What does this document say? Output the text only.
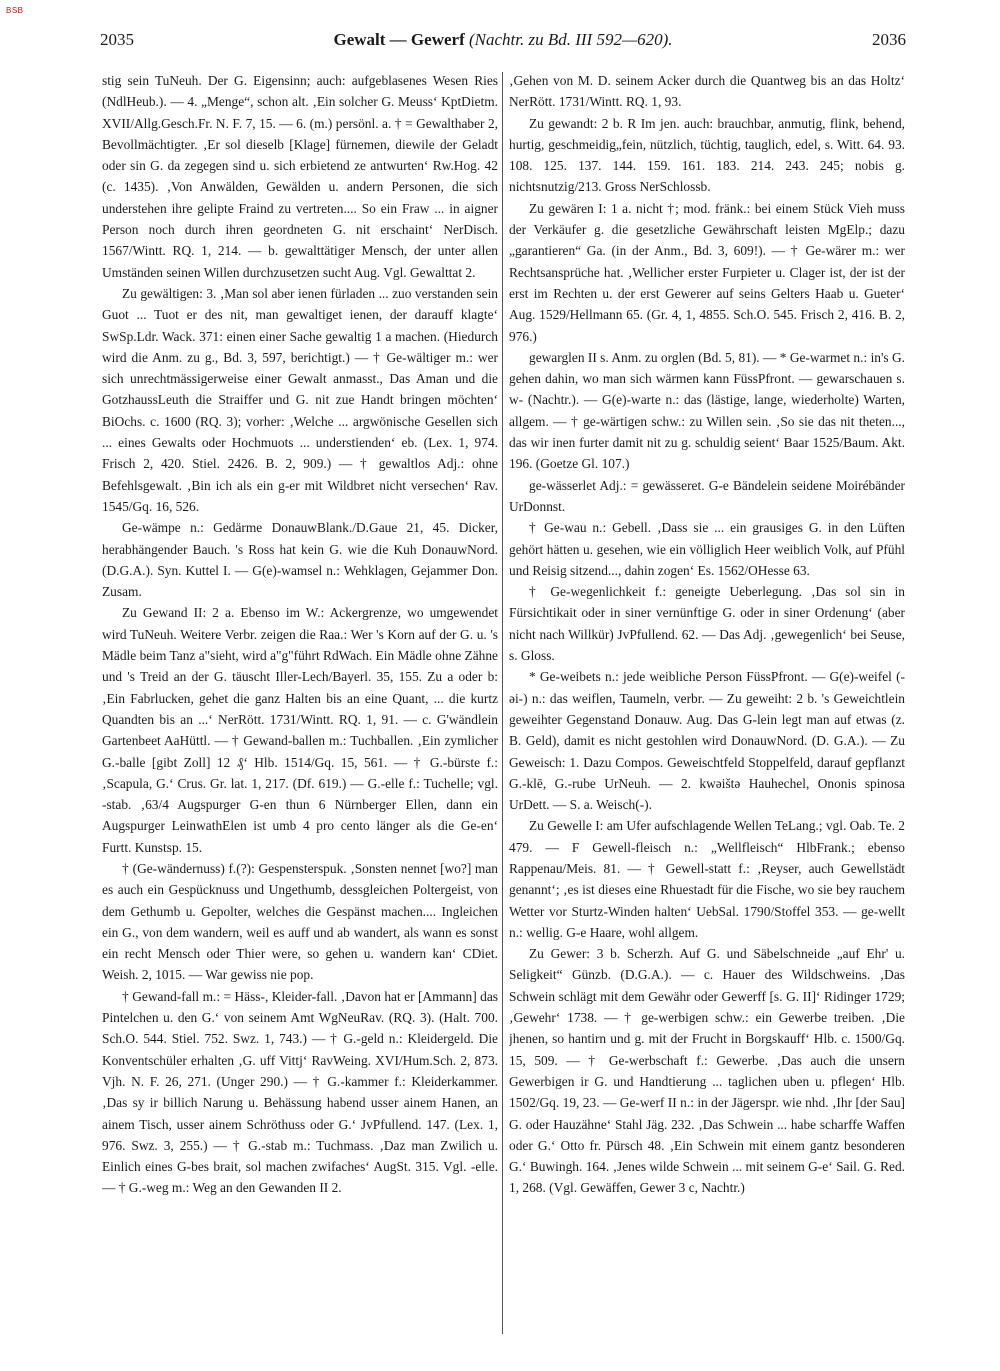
BSB
2035	Gewalt — Gewerf (Nachtr. zu Bd. III 592—620).	2036

stig sein TuNeuh. Der G. Eigensinn; auch: aufgeblasenes Wesen Ries (NdlHeub.). — 4. „Menge“, schon alt. ‚Ein solcher G. Meuss‘ KptDietm. XVII/Allg.Gesch.Fr. N. F. 7, 15. — 6. (m.) persönl. a. † = Gewalthaber 2, Bevollmächtigter. ‚Er sol dieselb [Klage] fürnemen, diewile der Geladt oder sin G. da zegegen sind u. sich erbietend ze antwurten‘ Rw.Hog. 42 (c. 1435). ‚Von Anwälden, Gewälden u. andern Personen, die sich understehen ihre gelipte Fraind zu vertreten.... So ein Fraw ... in aigner Person noch durch ihren geordneten G. nit erschaint‘ NerDisch. 1567/Wintt. RQ. 1, 214. — b. gewalttätiger Mensch, der unter allen Umständen seinen Willen durchzusetzen sucht Aug. Vgl. Gewalttat 2.

Zu gewältigen: 3. ‚Man sol aber ienen fürladen ... zuo verstanden sein Guot ... Tuot er des nit, man gewaltiget ienen, der darauff klagte‘ SwSp.Ldr. Wack. 371: einen einer Sache gewaltig 1 a machen. (Hiedurch wird die Anm. zu g., Bd. 3, 597, berichtigt.) — † Ge-wältiger m.: wer sich unrechtmässigerweise einer Gewalt anmasst., Das Aman und die GotzhaussLeuth die Straiffer und G. nit zue Handt bringen möchten‘ BiOchs. c. 1600 (RQ. 3); vorher: ‚Welche ... argwönische Gesellen sich ... eines Gewalts oder Hochmuots ... understienden‘ eb. (Lex. 1, 974. Frisch 2, 420. Stiel. 2426. B. 2, 909.) — † gewaltlos Adj.: ohne Befehlsgewalt. ‚Bin ich als ein g-er mit Wildbret nicht versechen‘ Rav. 1545/Gq. 16, 526.

Ge-wämpe n.: Gedärme DonauwBlank./D.Gaue 21, 45. Dicker, herabhängender Bauch. 's Ross hat kein G. wie die Kuh DonauwNord. (D.G.A.). Syn. Kuttel I. — G(e)-wamsel n.: Wehklagen, Gejammer Don. Zusam.

Zu Gewand II: 2 a. Ebenso im W.: Ackergrenze, wo umgewendet wird TuNeuh. Weitere Verbr. zeigen die Raa.: Wer 's Korn auf der G. u. 's Mädle beim Tanz a"sieht, wird a"g"führt RdWach. Ein Mädle ohne Zähne und 's Treid an der G. täuscht Iller-Lech/Bayerl. 35, 155. Zu a oder b: ‚Ein Fabrlucken, gehet die ganz Halten bis an eine Quant, ... die kurtz Quandten bis an ...‘ NerRött. 1731/Wintt. RQ. 1, 91. — c. G'wändlein Gartenbeet AaHüttl. — † Gewand-ballen m.: Tuchballen. ‚Ein zymlicher G.-balle [gibt Zoll] 12 ₰‘ Hlb. 1514/Gq. 15, 561. — † G.-bürste f.: ‚Scapula, G.‘ Crus. Gr. lat. 1, 217. (Df. 619.) — G.-elle f.: Tuchelle; vgl. -stab. ‚63/4 Augspurger G-en thun 6 Nürnberger Ellen, dann ein Augspurger LeinwathElen ist umb 4 pro cento länger als die Ge-en‘ Furtt. Kunstsp. 15.

† (Ge-wändernuss) f.(?): Gespensterspuk. ‚Sonsten nennet [wo?] man es auch ein Gespücknuss und Ungethumb, dessgleichen Poltergeist, von dem Gethumb u. Gepolter, welches die Gespänst machen.... Ingleichen ein G., von dem wandern, weil es auff und ab wandert, als wann es sonst ein recht Mensch oder Thier were, so gehen u. wandern kan‘ CDiet. Weish. 2, 1015. — War gewiss nie pop.

† Gewand-fall m.: = Häss-, Kleider-fall. ‚Davon hat er [Ammann] das Pintelchen u. den G.‘ von seinem Amt WgNeuRav. (RQ. 3). (Halt. 700. Sch.O. 544. Stiel. 752. Swz. 1, 743.) — † G.-geld n.: Kleidergeld. Die Konventschüler erhalten ‚G. uff Vittj‘ RavWeing. XVI/Hum.Sch. 2, 873. Vjh. N. F. 26, 271. (Unger 290.) — † G.-kammer f.: Kleiderkammer. ‚Das sy ir billich Narung u. Behässung habend usser ainem Hanen, an ainem Tisch, usser ainem Schröthuss oder G.‘ JvPfullend. 147. (Lex. 1, 976. Swz. 3, 255.) — † G.-stab m.: Tuchmass. ‚Daz man Zwilich u. Einlich eines G-bes brait, sol machen zwifaches‘ AugSt. 315. Vgl. -elle. — † G.-weg m.: Weg an den Gewanden II 2.

‚Gehen von M. D. seinem Acker durch die Quantweg bis an das Holtz‘ NerRött. 1731/Wintt. RQ. 1, 93.

Zu gewandt: 2 b. R Im jen. auch: brauchbar, anmutig, flink, behend, hurtig, geschmeidig„fein, nützlich, tüchtig, tauglich, edel, s. Witt. 64. 93. 108. 125. 137. 144. 159. 161. 183. 214. 243. 245; nobis g. nichtsnutzig/213. Gross NerSchlossb.

Zu gewären I: 1 a. nicht †; mod. fränk.: bei einem Stück Vieh muss der Verkäufer g. die gesetzliche Gewährschaft leisten MgElp.; dazu „garantieren“ Ga. (in der Anm., Bd. 3, 609!). — † Ge-wärer m.: wer Rechtsansprüche hat. ‚Wellicher erster Furpieter u. Clager ist, der ist der erst im Rechten u. der erst Gewerer auf seins Gelters Haab u. Gueter‘ Aug. 1529/Hellmann 65. (Gr. 4, 1, 4855. Sch.O. 545. Frisch 2, 416. B. 2, 976.)

gewarglen II s. Anm. zu orglen (Bd. 5, 81). — * Ge-warmet n.: in's G. gehen dahin, wo man sich wärmen kann FüssPfront. — gewarschauen s. w- (Nachtr.). — G(e)-warte n.: das (lästige, lange, wiederholte) Warten, allgem. — † ge-wärtigen schw.: zu Willen sein. ‚So sie das nit theten..., das wir inen furter damit nit zu g. schuldig seient‘ Baar 1525/Baum. Akt. 196. (Goetze Gl. 107.)

ge-wässerlet Adj.: = gewässeret. G-e Bändelein seidene Moirébänder UrDonnst.

† Ge-wau n.: Gebell. ‚Dass sie ... ein grausiges G. in den Lüften gehört hätten u. gesehen, wie ein völliglich Heer weiblich Volk, auf Pfühl und Reisig sitzend..., dahin zogen‘ Es. 1562/OHesse 63.

† Ge-wegenlichkeit f.: geneigte Ueberlegung. ‚Das sol sin in Fürsichtikait oder in siner vernünftige G. oder in siner Ordenung‘ (aber nicht nach Willkür) JvPfullend. 62. — Das Adj. ‚gewegenlich‘ bei Seuse, s. Gloss.

* Ge-weibets n.: jede weibliche Person FüssPfront. — G(e)-weifel (-əi-) n.: das weiflen, Taumeln, verbr. — Zu geweiht: 2 b. 's Geweichtlein geweihter Gegenstand Donauw. Aug. Das G-lein legt man auf etwas (z. B. Geld), damit es nicht gestohlen wird DonauwNord. (D. G.A.). — Zu Geweisch: 1. Dazu Compos. Geweischtfeld Stoppelfeld, darauf gepflanzt G.-klē, G.-rube UrNeuh. — 2. kwəištə Hauhechel, Ononis spinosa UrDett. — S. a. Weisch(-).

Zu Gewelle I: am Ufer aufschlagende Wellen TeLang.; vgl. Oab. Te. 2 479. — F Gewell-fleisch n.: „Wellfleisch“ HlbFrank.; ebenso Rappenau/Meis. 81. — † Gewell-statt f.: ‚Reyser, auch Gewellstädt genannt‘; ‚es ist dieses eine Rhuestadt für die Fische, wo sie bey rauchem Wetter vor Sturtz-Winden halten‘ UebSal. 1790/Stoffel 353. — ge-wellt n.: wellig. G-e Haare, wohl allgem.

Zu Gewer: 3 b. Scherzh. Auf G. und Säbelschneide „auf Ehr' u. Seligkeit“ Günzb. (D.G.A.). — c. Hauer des Wildschweins. ‚Das Schwein schlägt mit dem Gewähr oder Gewerff [s. G. II]‘ Ridinger 1729; ‚Gewehr‘ 1738. — † ge-werbigen schw.: ein Gewerbe treiben. ‚Die jhenen, so hantirn und g. mit der Frucht in Borgskauff‘ Hlb. c. 1500/Gq. 15, 509. — † Ge-werbschaft f.: Gewerbe. ‚Das auch die unsern Gewerbigen ir G. und Handtierung ... taglichen uben u. pflegen‘ Hlb. 1502/Gq. 19, 23. — Ge-werf II n.: in der Jägerspr. wie nhd. ‚Ihr [der Sau] G. oder Hauzähne‘ Stahl Jäg. 232. ‚Das Schwein ... habe scharffe Waffen oder G.‘ Otto fr. Pürsch 48. ‚Ein Schwein mit einem gantz besonderen G.‘ Buwingh. 164. ‚Jenes wilde Schwein ... mit seinem G-e‘ Sail. G. Red. 1, 268. (Vgl. Gewäffen, Gewer 3 c, Nachtr.)
